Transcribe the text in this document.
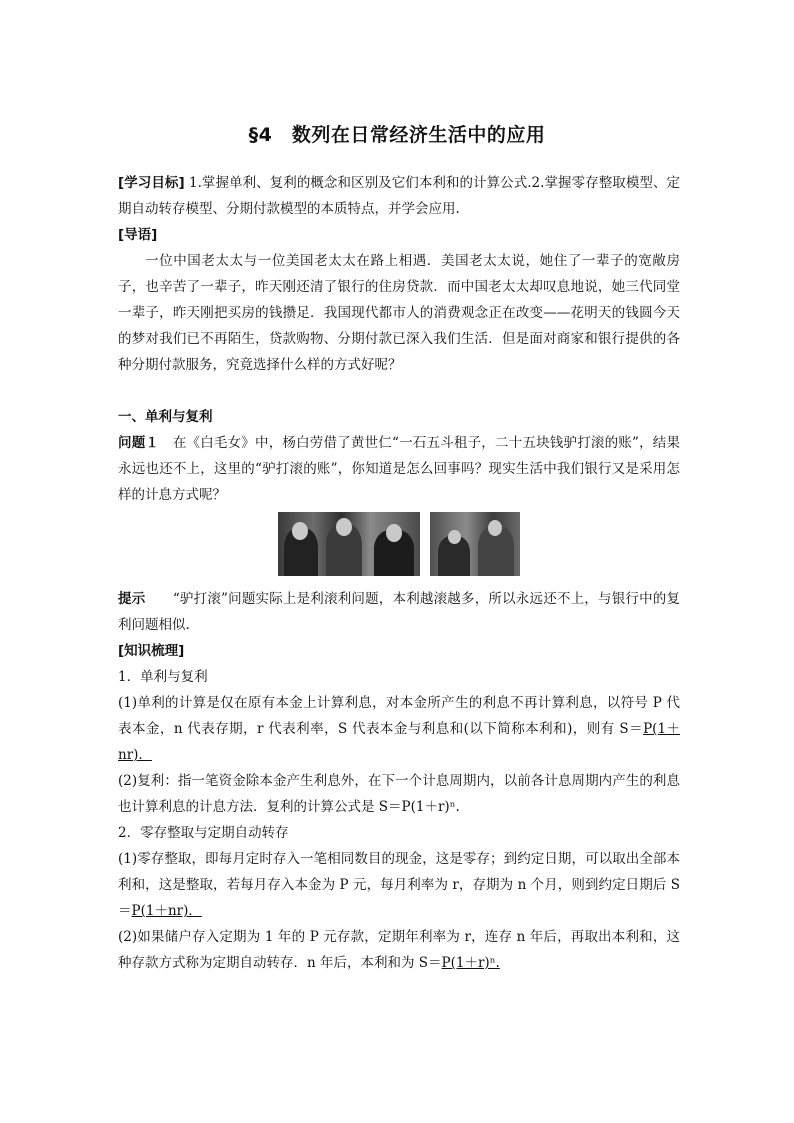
§4　数列在日常经济生活中的应用

[学习目标] 1.掌握单利、复利的概念和区别及它们本利和的计算公式.2.掌握零存整取模型、定期自动转存模型、分期付款模型的本质特点，并学会应用.

[导语]

一位中国老太太与一位美国老太太在路上相遇．美国老太太说，她住了一辈子的宽敞房子，也辛苦了一辈子，昨天刚还清了银行的住房贷款．而中国老太太却叹息地说，她三代同堂一辈子，昨天刚把买房的钱攒足．我国现代都市人的消费观念正在改变——花明天的钱圆今天的梦对我们已不再陌生，贷款购物、分期付款已深入我们生活．但是面对商家和银行提供的各种分期付款服务，究竟选择什么样的方式好呢？

一、单利与复利

问题１　 在《白毛女》中，杨白劳借了黄世仁“一石五斗租子，二十五块钱驴打滚的账”，结果永远也还不上，这里的“驴打滚的账”，你知道是怎么回事吗？现实生活中我们银行又是采用怎样的计息方式呢？

提示　　 “驴打滚”问题实际上是利滚利问题，本利越滚越多，所以永远还不上，与银行中的复利问题相似.

[知识梳理]

1．单利与复利

(1)单利的计算是仅在原有本金上计算利息，对本金所产生的利息不再计算利息，以符号 P 代表本金，n 代表存期，r 代表利率，S 代表本金与利息和(以下简称本利和)，则有 S＝P(1＋nr)．

(2)复利：指一笔资金除本金产生利息外，在下一个计息周期内，以前各计息周期内产生的利息也计算利息的计息方法．复利的计算公式是 S＝P(1＋r)ⁿ.

2．零存整取与定期自动转存

(1)零存整取，即每月定时存入一笔相同数目的现金，这是零存；到约定日期，可以取出全部本利和，这是整取，若每月存入本金为 P 元，每月利率为 r，存期为 n 个月，则到约定日期后 S＝P(1＋nr)．

(2)如果储户存入定期为 1 年的 P 元存款，定期年利率为 r，连存 n 年后，再取出本利和，这种存款方式称为定期自动转存．n 年后，本利和为 S＝P(1＋r)ⁿ.
